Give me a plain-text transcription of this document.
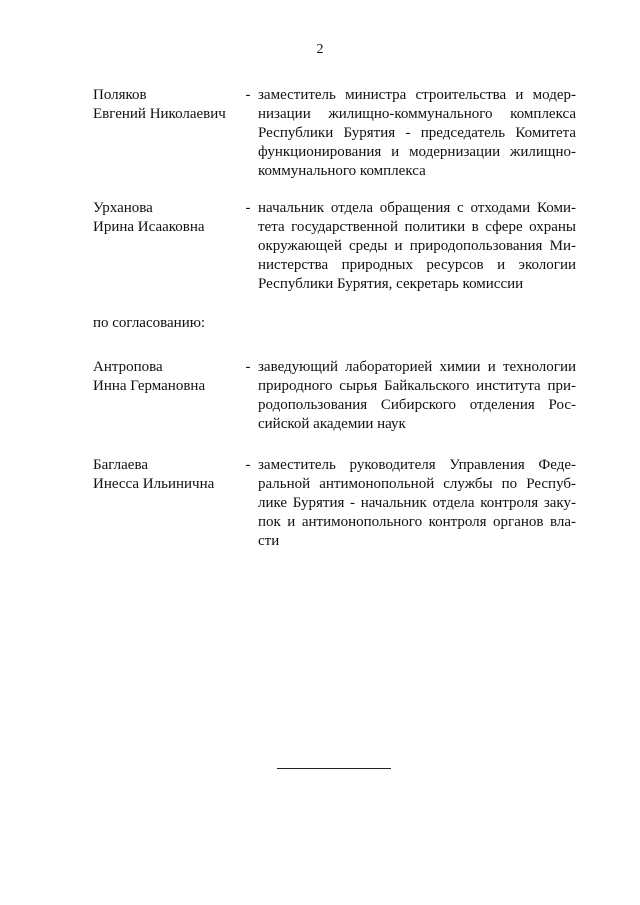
2
Поляков
Евгений Николаевич
- заместитель министра строительства и модер-
низации жилищно-коммунального комплекса
Республики Бурятия - председатель Комитета
функционирования и модернизации жилищно-
коммунального комплекса
Урханова
Ирина Исааковна
- начальник отдела обращения с отходами Коми-
тета государственной политики в сфере охраны
окружающей среды и природопользования Ми-
нистерства природных ресурсов и экологии
Республики Бурятия, секретарь комиссии
по согласованию:
Антропова
Инна Германовна
- заведующий лабораторией химии и технологии
природного сырья Байкальского института при-
родопользования Сибирского отделения Рос-
сийской академии наук
Баглаева
Инесса Ильинична
- заместитель руководителя Управления Феде-
ральной антимонопольной службы по Респуб-
лике Бурятия - начальник отдела контроля заку-
пок и антимонопольного контроля органов вла-
сти
